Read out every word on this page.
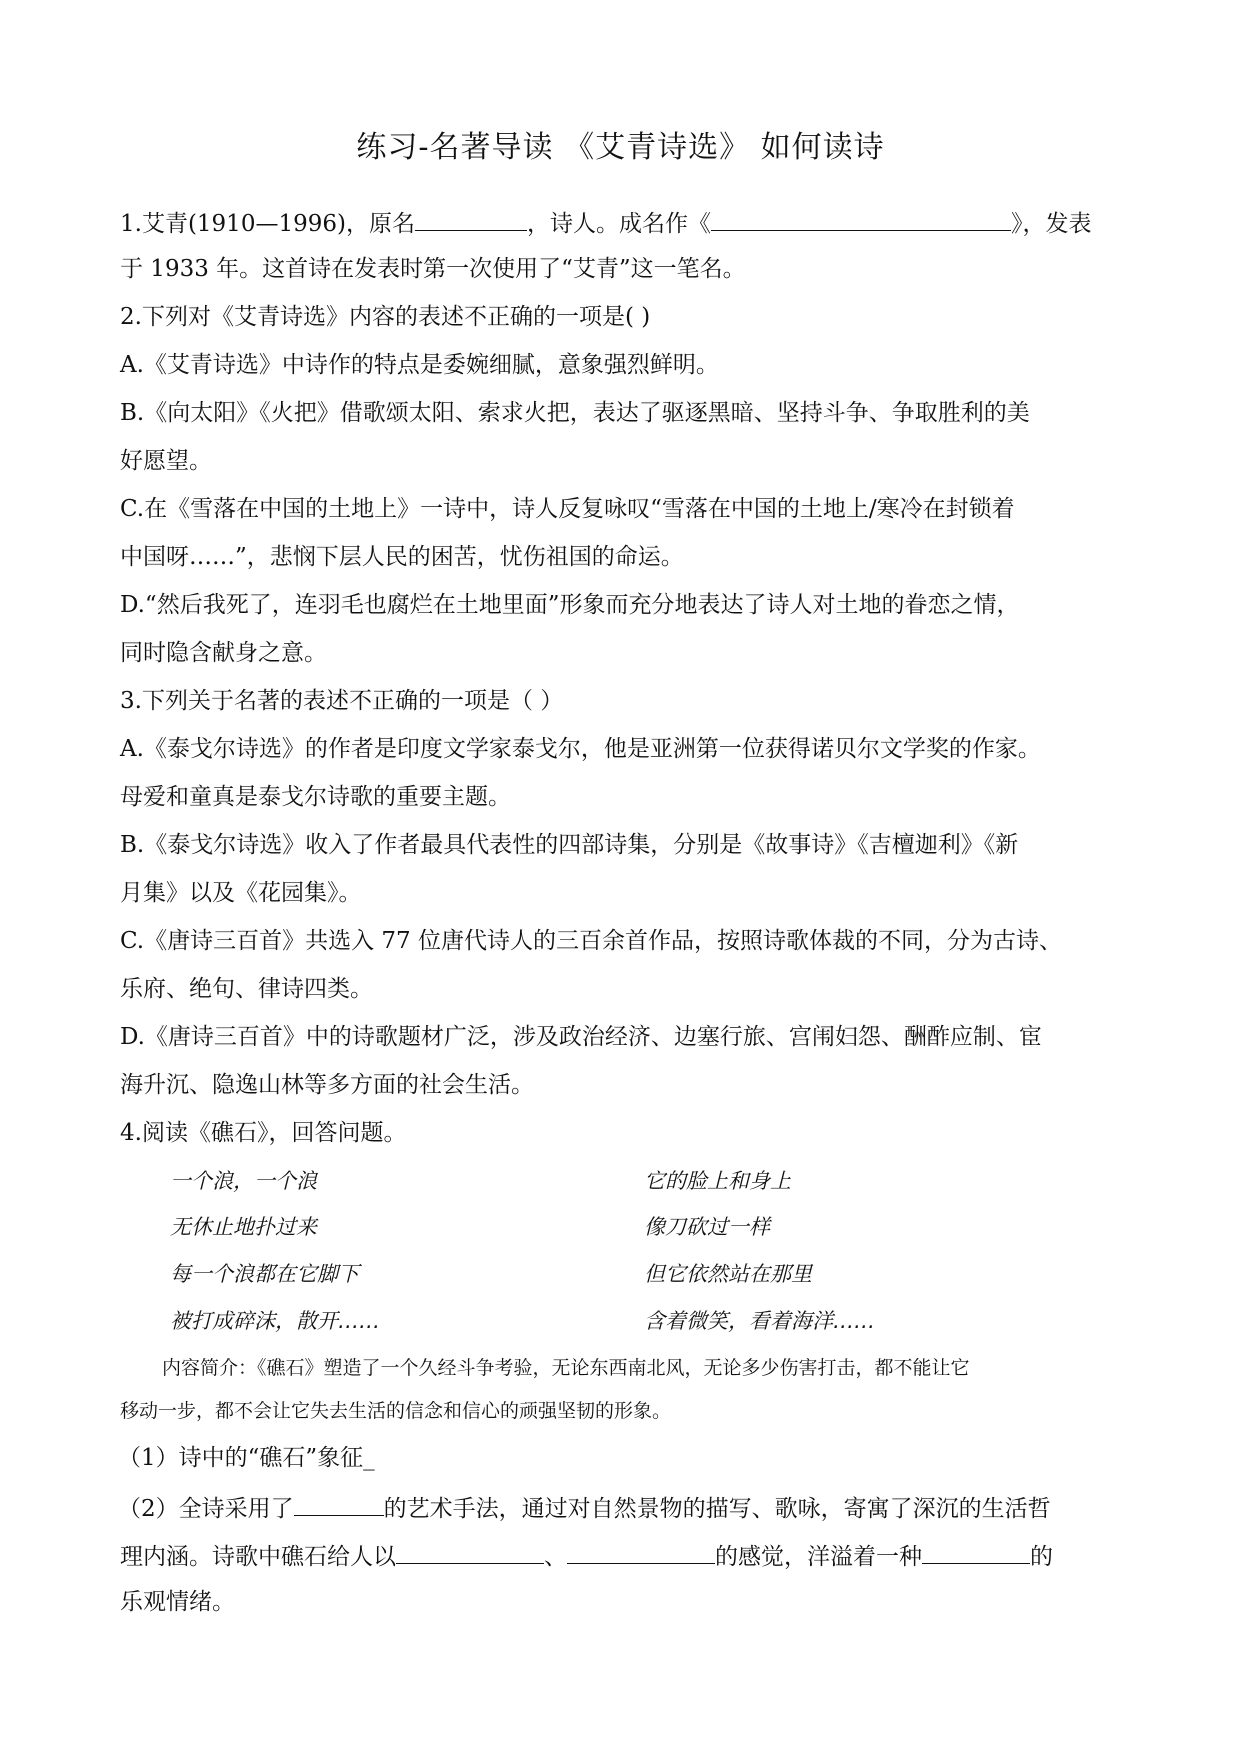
练习-名著导读 《艾青诗选》 如何读诗
1.艾青(1910—1996)，原名	，诗人。成名作《	》，发表
于 1933 年。这首诗在发表时第一次使用了“艾青”这一笔名。
2.下列对《艾青诗选》内容的表述不正确的一项是( )
A.《艾青诗选》中诗作的特点是委婉细腻，意象强烈鲜明。
B.《向太阳》《火把》借歌颂太阳、索求火把，表达了驱逐黑暗、坚持斗争、争取胜利的美
好愿望。
C.在《雪落在中国的土地上》一诗中，诗人反复咏叹“雪落在中国的土地上/寒冷在封锁着
中国呀……”，悲悯下层人民的困苦，忧伤祖国的命运。
D.“然后我死了，连羽毛也腐烂在土地里面”形象而充分地表达了诗人对土地的眷恋之情，
同时隐含献身之意。
3.下列关于名著的表述不正确的一项是（ ）
A.《泰戈尔诗选》的作者是印度文学家泰戈尔，他是亚洲第一位获得诺贝尔文学奖的作家。
母爱和童真是泰戈尔诗歌的重要主题。
B.《泰戈尔诗选》收入了作者最具代表性的四部诗集，分别是《故事诗》《吉檀迦利》《新
月集》以及《花园集》。
C.《唐诗三百首》共选入 77 位唐代诗人的三百余首作品，按照诗歌体裁的不同，分为古诗、
乐府、绝句、律诗四类。
D.《唐诗三百首》中的诗歌题材广泛，涉及政治经济、边塞行旅、宫闱妇怨、酬酢应制、宦
海升沉、隐逸山林等多方面的社会生活。
4.阅读《礁石》，回答问题。
一个浪，一个浪
无休止地扑过来
每一个浪都在它脚下
被打成碎沫，散开……
它的脸上和身上
像刀砍过一样
但它依然站在那里
含着微笑，看着海洋……
内容简介：《礁石》塑造了一个久经斗争考验，无论东西南北风，无论多少伤害打击，都不能让它
移动一步，都不会让它失去生活的信念和信心的顽强坚韧的形象。
（1）诗中的“礁石”象征_
（2）全诗采用了	的艺术手法，通过对自然景物的描写、歌咏，寄寓了深沉的生活哲
理内涵。诗歌中礁石给人以	、	的感觉，洋溢着一种	的
乐观情绪。
